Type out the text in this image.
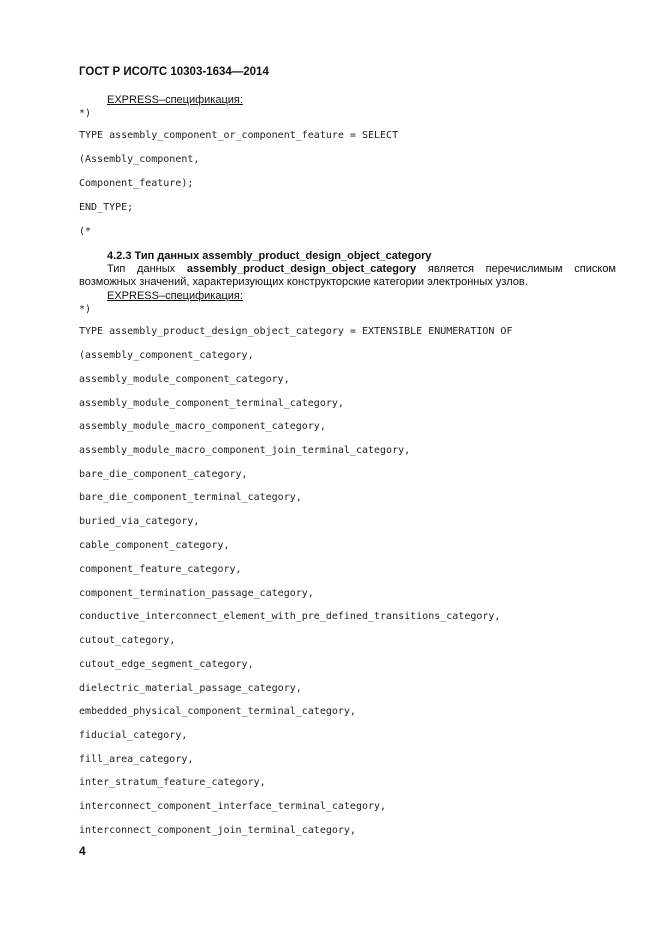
ГОСТ Р ИСО/ТС 10303-1634—2014
EXPRESS–спецификация:
*)
TYPE assembly_component_or_component_feature = SELECT
(Assembly_component,
Component_feature);
END_TYPE;
(*
4.2.3 Тип данных assembly_product_design_object_category
Тип данных assembly_product_design_object_category является перечислимым списком возможных значений, характеризующих конструкторские категории электронных узлов.
EXPRESS–спецификация:
*)
TYPE assembly_product_design_object_category = EXTENSIBLE ENUMERATION OF
(assembly_component_category,
assembly_module_component_category,
assembly_module_component_terminal_category,
assembly_module_macro_component_category,
assembly_module_macro_component_join_terminal_category,
bare_die_component_category,
bare_die_component_terminal_category,
buried_via_category,
cable_component_category,
component_feature_category,
component_termination_passage_category,
conductive_interconnect_element_with_pre_defined_transitions_category,
cutout_category,
cutout_edge_segment_category,
dielectric_material_passage_category,
embedded_physical_component_terminal_category,
fiducial_category,
fill_area_category,
inter_stratum_feature_category,
interconnect_component_interface_terminal_category,
interconnect_component_join_terminal_category,
4
